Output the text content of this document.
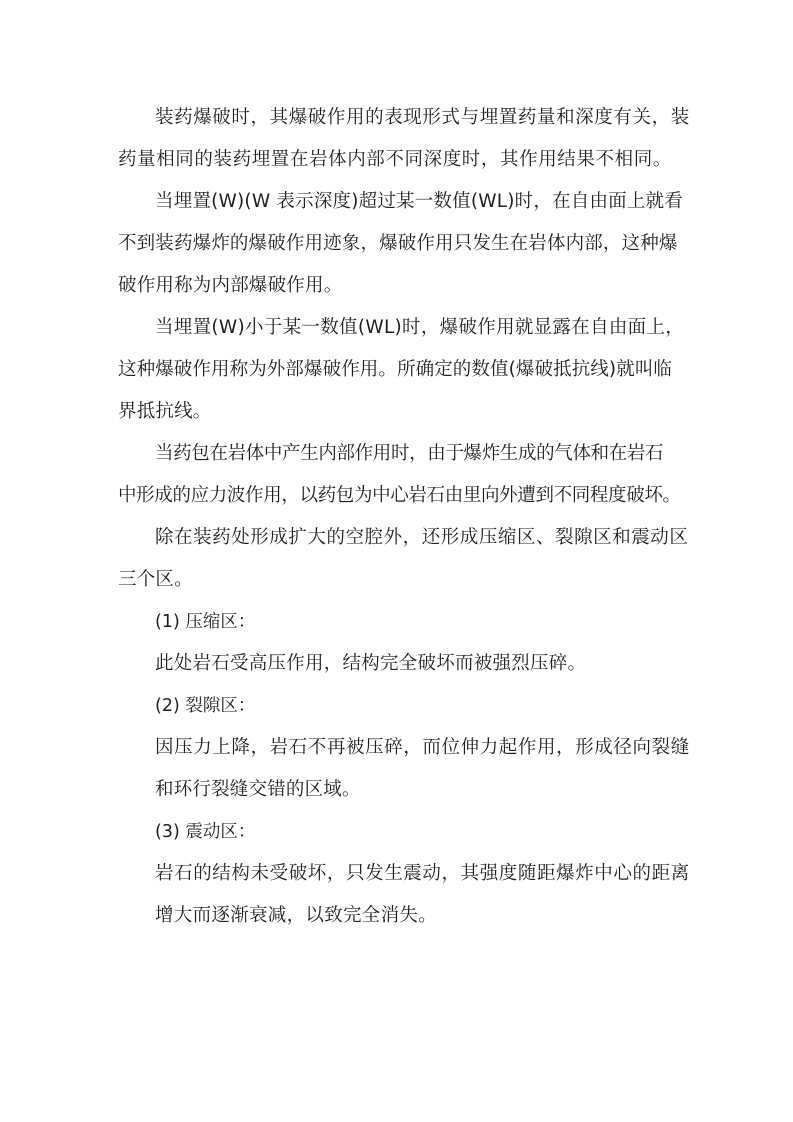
装药爆破时，其爆破作用的表现形式与埋置药量和深度有关，装
药量相同的装药埋置在岩体内部不同深度时，其作用结果不相同。
当埋置(W)(W 表示深度)超过某一数值(WL)时，在自由面上就看
不到装药爆炸的爆破作用迹象，爆破作用只发生在岩体内部，这种爆
破作用称为内部爆破作用。
当埋置(W)小于某一数值(WL)时，爆破作用就显露在自由面上，
这种爆破作用称为外部爆破作用。所确定的数值(爆破抵抗线)就叫临
界抵抗线。
当药包在岩体中产生内部作用时，由于爆炸生成的气体和在岩石
中形成的应力波作用，以药包为中心岩石由里向外遭到不同程度破坏。
除在装药处形成扩大的空腔外，还形成压缩区、裂隙区和震动区
三个区。
(1) 压缩区：
此处岩石受高压作用，结构完全破坏而被强烈压碎。
(2) 裂隙区：
因压力上降，岩石不再被压碎，而位伸力起作用，形成径向裂缝
和环行裂缝交错的区域。
(3) 震动区：
岩石的结构未受破坏，只发生震动，其强度随距爆炸中心的距离
增大而逐渐衰减，以致完全消失。
